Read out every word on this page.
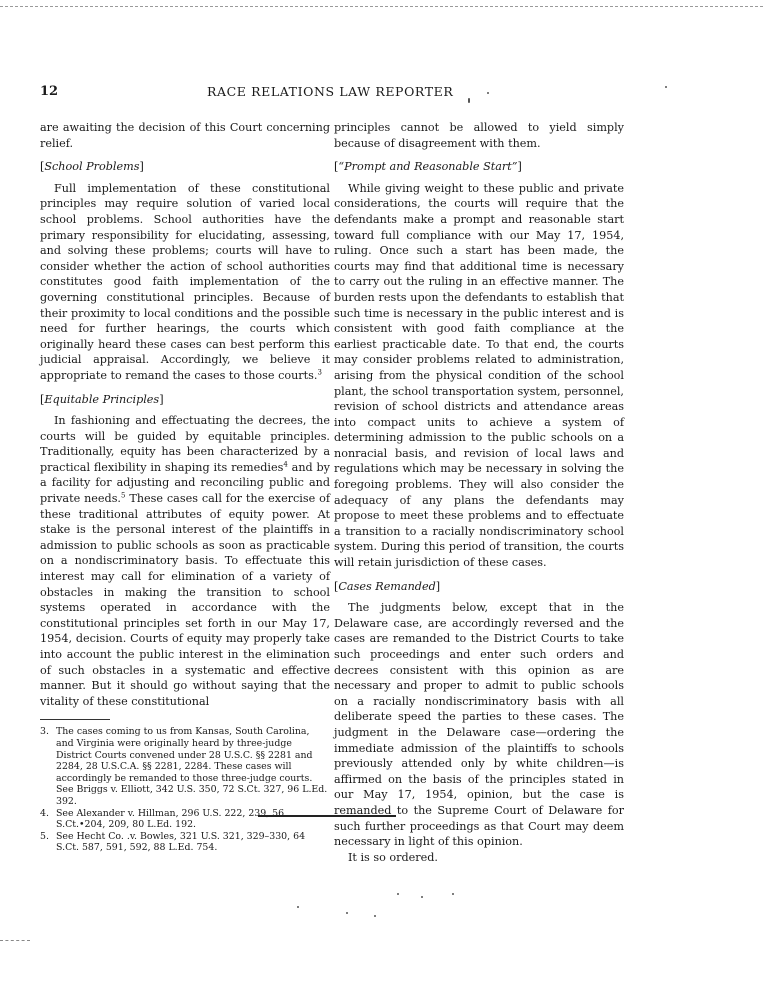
12	RACE RELATIONS LAW REPORTER

are awaiting the decision of this Court concerning relief.

[School Problems]

Full implementation of these constitutional principles may require solution of varied local school problems. School authorities have the primary responsibility for elucidating, assessing, and solving these problems; courts will have to consider whether the action of school authorities constitutes good faith implementation of the governing constitutional principles. Because of their proximity to local conditions and the possible need for further hearings, the courts which originally heard these cases can best perform this judicial appraisal. Accordingly, we believe it appropriate to remand the cases to those courts.$^3$

[Equitable Principles]

In fashioning and effectuating the decrees, the courts will be guided by equitable principles. Traditionally, equity has been characterized by a practical flexibility in shaping its remedies$^4$ and by a facility for adjusting and reconciling public and private needs.$^5$ These cases call for the exercise of these traditional attributes of equity power. At stake is the personal interest of the plaintiffs in admission to public schools as soon as practicable on a nondiscriminatory basis. To effectuate this interest may call for elimination of a variety of obstacles in making the transition to school systems operated in accordance with the constitutional principles set forth in our May 17, 1954, decision. Courts of equity may properly take into account the public interest in the elimination of such obstacles in a systematic and effective manner. But it should go without saying that the vitality of these constitutional

3. The cases coming to us from Kansas, South Carolina, and Virginia were originally heard by three-judge District Courts convened under 28 U.S.C. §§ 2281 and 2284, 28 U.S.C.A. §§ 2281, 2284. These cases will accordingly be remanded to those three-judge courts. See Briggs v. Elliott, 342 U.S. 350, 72 S.Ct. 327, 96 L.Ed. 392.

4. See Alexander v. Hillman, 296 U.S. 222, 239, 56 S.Ct.•204, 209, 80 L.Ed. 192.

5. See Hecht Co. .v. Bowles, 321 U.S. 321, 329–330, 64 S.Ct. 587, 591, 592, 88 L.Ed. 754.

principles cannot be allowed to yield simply because of disagreement with them.

[“Prompt and Reasonable Start”]

While giving weight to these public and private considerations, the courts will require that the defendants make a prompt and reasonable start toward full compliance with our May 17, 1954, ruling. Once such a start has been made, the courts may find that additional time is necessary to carry out the ruling in an effective manner. The burden rests upon the defendants to establish that such time is necessary in the public interest and is consistent with good faith compliance at the earliest practicable date. To that end, the courts may consider problems related to administration, arising from the physical condition of the school plant, the school transportation system, personnel, revision of school districts and attendance areas into compact units to achieve a system of determining admission to the public schools on a nonracial basis, and revision of local laws and regulations which may be necessary in solving the foregoing problems. They will also consider the adequacy of any plans the defendants may propose to meet these problems and to effectuate a transition to a racially nondiscriminatory school system. During this period of transition, the courts will retain jurisdiction of these cases.

[Cases Remanded]

The judgments below, except that in the Delaware case, are accordingly reversed and the cases are remanded to the District Courts to take such proceedings and enter such orders and decrees consistent with this opinion as are necessary and proper to admit to public schools on a racially nondiscriminatory basis with all deliberate speed the parties to these cases. The judgment in the Delaware case—ordering the immediate admission of the plaintiffs to schools previously attended only by white children—is affirmed on the basis of the principles stated in our May 17, 1954, opinion, but the case is remanded to the Supreme Court of Delaware for such further proceedings as that Court may deem necessary in light of this opinion.

It is so ordered.
